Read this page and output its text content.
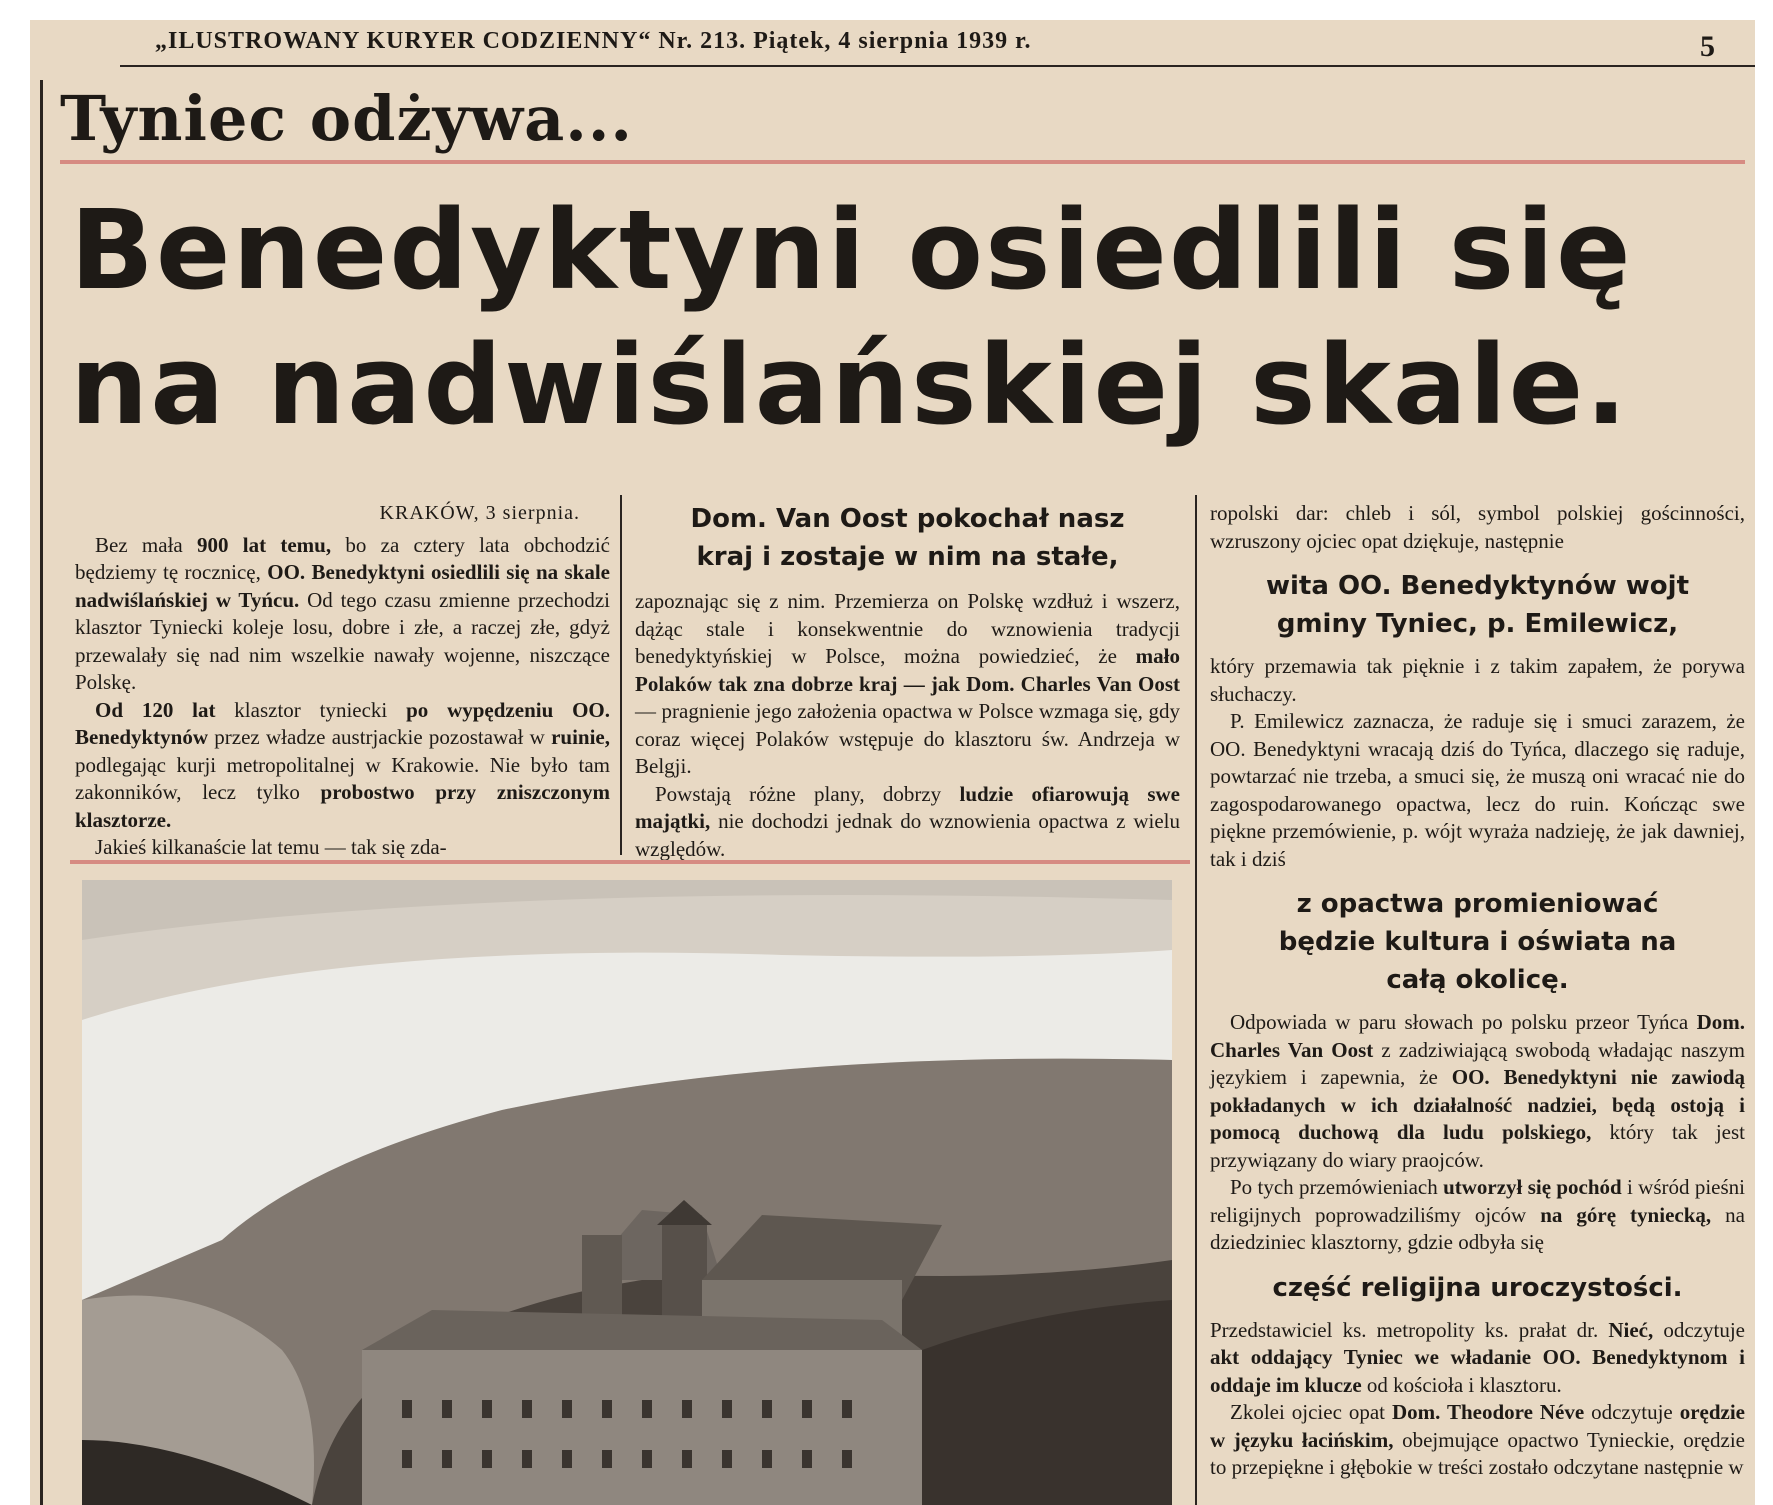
„ILUSTROWANY KURYER CODZIENNY“ Nr. 213. Piątek, 4 sierpnia 1939 r.	5
Tyniec odżywa...
Benedyktyni osiedlili się
na nadwiślańskiej skale.
KRAKÓW, 3 sierpnia.

Bez mała 900 lat temu, bo za cztery lata obchodzić będziemy tę rocznicę, OO. Benedyktyni osiedlili się na skale nadwiślańskiej w Tyńcu. Od tego czasu zmienne przechodzi klasztor Tyniecki koleje losu, dobre i złe, a raczej złe, gdyż przewalały się nad nim wszelkie nawały wojenne, niszczące Polskę.

Od 120 lat klasztor tyniecki po wypędzeniu OO. Benedyktynów przez władze austrjackie pozostawał w ruinie, podlegając kurji metropolitalnej w Krakowie. Nie było tam zakonników, lecz tylko probostwo przy zniszczonym klasztorze.

Jakieś kilkanaście lat temu — tak się zda-

Dom. Van Oost pokochał nasz kraj i zostaje w nim na stałe,

zapoznając się z nim. Przemierza on Polskę wzdłuż i wszerz, dążąc stale i konsekwentnie do wznowienia tradycji benedyktyńskiej w Polsce, można powiedzieć, że mało Polaków tak zna dobrze kraj — jak Dom. Charles Van Oost — pragnienie jego założenia opactwa w Polsce wzmaga się, gdy coraz więcej Polaków wstępuje do klasztoru św. Andrzeja w Belgji.

Powstają różne plany, dobrzy ludzie ofiarowują swe majątki, nie dochodzi jednak do wznowienia opactwa z wielu względów.

ropolski dar: chleb i sól, symbol polskiej gościnności, wzruszony ojciec opat dziękuje, następnie

wita OO. Benedyktynów wojt gminy Tyniec, p. Emilewicz,

który przemawia tak pięknie i z takim zapałem, że porywa słuchaczy.

P. Emilewicz zaznacza, że raduje się i smuci zarazem, że OO. Benedyktyni wracają dziś do Tyńca, dlaczego się raduje, powtarzać nie trzeba, a smuci się, że muszą oni wracać nie do zagospodarowanego opactwa, lecz do ruin. Kończąc swe piękne przemówienie, p. wójt wyraża nadzieję, że jak dawniej, tak i dziś

z opactwa promieniować będzie kultura i oświata na całą okolicę.

Odpowiada w paru słowach po polsku przeor Tyńca Dom. Charles Van Oost z zadziwiającą swobodą władając naszym językiem i zapewnia, że OO. Benedyktyni nie zawiodą pokładanych w ich działalność nadziei, będą ostoją i pomocą duchową dla ludu polskiego, który tak jest przywiązany do wiary praojców.

Po tych przemówieniach utworzył się pochód i wśród pieśni religijnych poprowadziliśmy ojców na górę tyniecką, na dziedziniec klasztorny, gdzie odbyła się

część religijna uroczystości.

Przedstawiciel ks. metropolity ks. prałat dr. Nieć, odczytuje akt oddający Tyniec we władanie OO. Benedyktynom i oddaje im klucze od kościoła i klasztoru.

Zkolei ojciec opat Dom. Theodore Néve odczytuje orędzie w języku łacińskim, obejmujące opactwo Tynieckie, orędzie to przepiękne i głębokie w treści zostało odczytane następnie w
